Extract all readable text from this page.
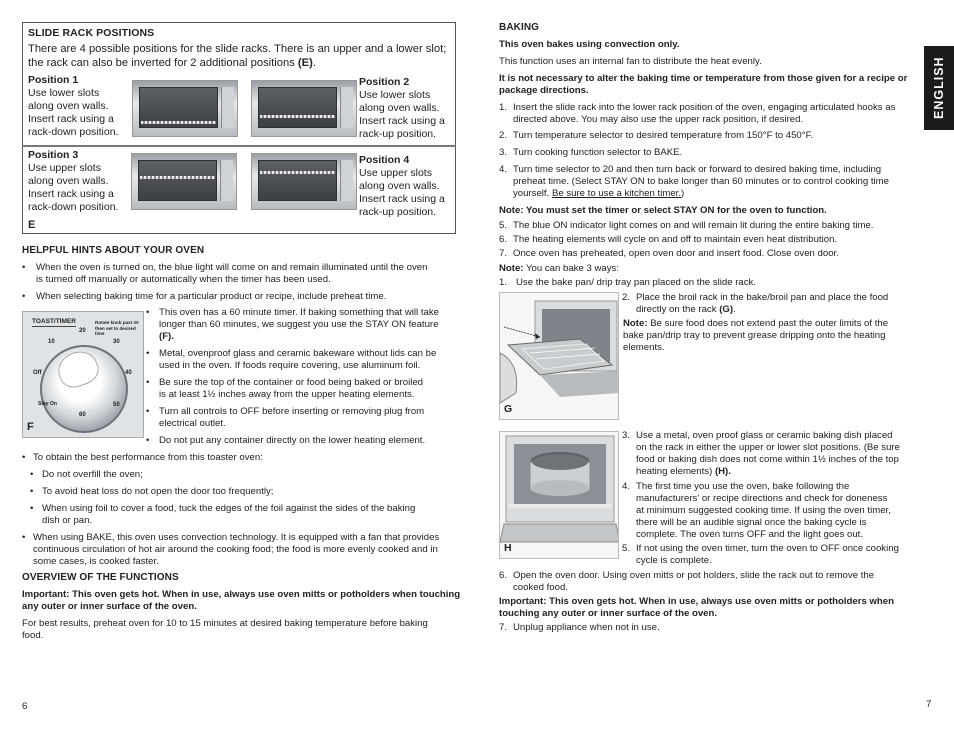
SLIDE RACK POSITIONS
There are 4 possible positions for the slide racks. There is an upper and a lower slot;
the rack can also be inverted for 2 additional positions (E).
Position 1
Use lower slots
along oven walls.
Insert rack using a
rack-down position.
Position 2
Use lower slots
along oven walls.
Insert rack using a
rack-up position.
Position 3
Use upper slots
along oven walls.
Insert rack using a
rack-down position.
Position 4
Use upper slots
along oven walls.
Insert rack using a
rack-up position.
E
HELPFUL HINTS ABOUT YOUR OVEN
• When the oven is turned on, the blue light will come on and remain illuminated until the oven
is turned off manually or automatically when the timer has been used.
•	When selecting baking time for a particular product or recipe, include preheat time.
TOAST/TIMER	Rotate knob past 20 then set to desired time
20
10	30
Off	40
Stay On	50
60
F
• This oven has a 60 minute timer. If baking something that will take
longer than 60 minutes, we suggest you use the STAY ON feature
(F).
• Metal, ovenproof glass and ceramic bakeware without lids can be
used in the oven. If foods require covering, use aluminum foil.
• Be sure the top of the container or food being baked or broiled
is at least 1½ inches away from the upper heating elements.
• Turn all controls to OFF before inserting or removing plug from
electrical outlet.
•	Do not put any container directly on the lower heating element.
• To obtain the best performance from this toaster oven:
• Do not overfill the oven;
• To avoid heat loss do not open the door too frequently;
• When using foil to cover a food, tuck the edges of the foil against the sides of the baking
dish or pan.
• When using BAKE, this oven uses convection technology. It is equipped with a fan that provides
continuous circulation of hot air around the cooking food; the food is more evenly cooked and in
some cases, is cooked faster.
OVERVIEW OF THE FUNCTIONS
Important: This oven gets hot. When in use, always use oven mitts or potholders when touching
any outer or inner surface of the oven.
For best results, preheat oven for 10 to 15 minutes at desired baking temperature before baking
food.
6
ENGLISH
BAKING
This oven bakes using convection only.
This function uses an internal fan to distribute the heat evenly.
It is not necessary to alter the baking time or temperature from those given for a recipe or
package directions.
1. Insert the slide rack into the lower rack position of the oven, engaging articulated hooks as
directed above. You may also use the upper rack position, if desired.
2. Turn temperature selector to desired temperature from 150°F to 450°F.
3. Turn cooking function selector to BAKE.
4. Turn time selector to 20 and then turn back or forward to desired baking time, including
preheat time. (Select STAY ON to bake longer than 60 minutes or to control cooking time
yourself. Be sure to use a kitchen timer.)
Note: You must set the timer or select STAY ON for the oven to function.
5. The blue ON indicator light comes on and will remain lit during the entire baking time.
6. The heating elements will cycle on and off to maintain even heat distribution.
7. Once oven has preheated, open oven door and insert food. Close oven door.
Note: You can bake 3 ways:
1. Use the bake pan/ drip tray pan placed on the slide rack.
G
2. Place the broil rack in the bake/broil pan and place the food
directly on the rack (G).
Note: Be sure food does not extend past the outer limits of the
bake pan/drip tray to prevent grease dripping onto the heating
elements.
H
3. Use a metal, oven proof glass or ceramic baking dish placed
on the rack in either the upper or lower slot positions. (Be sure
food or baking dish does not come within 1½ inches of the top
heating elements) (H).
4. The first time you use the oven, bake following the
manufacturers' or recipe directions and check for doneness
at minimum suggested cooking time. If using the oven timer,
there will be an audible signal once the baking cycle is
complete. The oven turns OFF and the light goes out.
5. If not using the oven timer, turn the oven to OFF once cooking
cycle is complete.
6. Open the oven door. Using oven mitts or pot holders, slide the rack out to remove the
cooked food.
Important: This oven gets hot. When in use, always use oven mitts or potholders when
touching any outer or inner surface of the oven.
7. Unplug appliance when not in use.
7
